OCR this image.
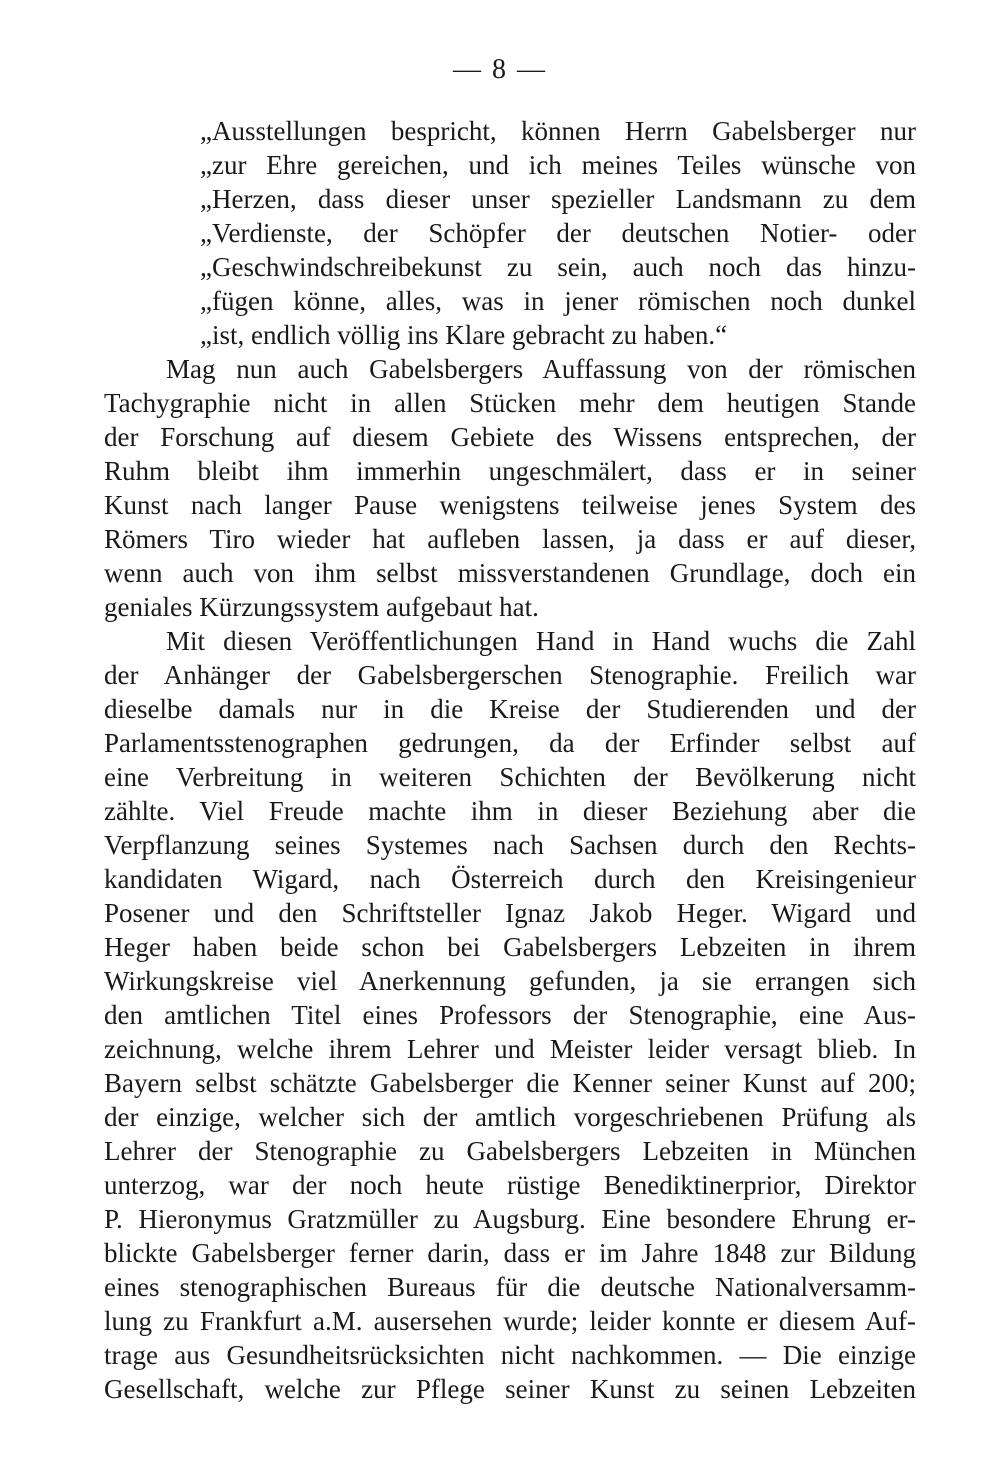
— 8 —
„Ausstellungen bespricht, können Herrn Gabelsberger nur
„zur Ehre gereichen, und ich meines Teiles wünsche von
„Herzen, dass dieser unser spezieller Landsmann zu dem
„Verdienste, der Schöpfer der deutschen Notier- oder
„Geschwindschreibekunst zu sein, auch noch das hinzu-
„fügen könne, alles, was in jener römischen noch dunkel
„ist, endlich völlig ins Klare gebracht zu haben.“
Mag nun auch Gabelsbergers Auffassung von der römischen
Tachygraphie nicht in allen Stücken mehr dem heutigen Stande
der Forschung auf diesem Gebiete des Wissens entsprechen, der
Ruhm bleibt ihm immerhin ungeschmälert, dass er in seiner
Kunst nach langer Pause wenigstens teilweise jenes System des
Römers Tiro wieder hat aufleben lassen, ja dass er auf dieser,
wenn auch von ihm selbst missverstandenen Grundlage, doch ein
geniales Kürzungssystem aufgebaut hat.
Mit diesen Veröffentlichungen Hand in Hand wuchs die Zahl
der Anhänger der Gabelsbergerschen Stenographie. Freilich war
dieselbe damals nur in die Kreise der Studierenden und der
Parlamentsstenographen gedrungen, da der Erfinder selbst auf
eine Verbreitung in weiteren Schichten der Bevölkerung nicht
zählte. Viel Freude machte ihm in dieser Beziehung aber die
Verpflanzung seines Systemes nach Sachsen durch den Rechts-
kandidaten Wigard, nach Österreich durch den Kreisingenieur
Posener und den Schriftsteller Ignaz Jakob Heger. Wigard und
Heger haben beide schon bei Gabelsbergers Lebzeiten in ihrem
Wirkungskreise viel Anerkennung gefunden, ja sie errangen sich
den amtlichen Titel eines Professors der Stenographie, eine Aus-
zeichnung, welche ihrem Lehrer und Meister leider versagt blieb. In
Bayern selbst schätzte Gabelsberger die Kenner seiner Kunst auf 200;
der einzige, welcher sich der amtlich vorgeschriebenen Prüfung als
Lehrer der Stenographie zu Gabelsbergers Lebzeiten in München
unterzog, war der noch heute rüstige Benediktinerprior, Direktor
P. Hieronymus Gratzmüller zu Augsburg. Eine besondere Ehrung er-
blickte Gabelsberger ferner darin, dass er im Jahre 1848 zur Bildung
eines stenographischen Bureaus für die deutsche Nationalversamm-
lung zu Frankfurt a.M. ausersehen wurde; leider konnte er diesem Auf-
trage aus Gesundheitsrücksichten nicht nachkommen. — Die einzige
Gesellschaft, welche zur Pflege seiner Kunst zu seinen Lebzeiten
